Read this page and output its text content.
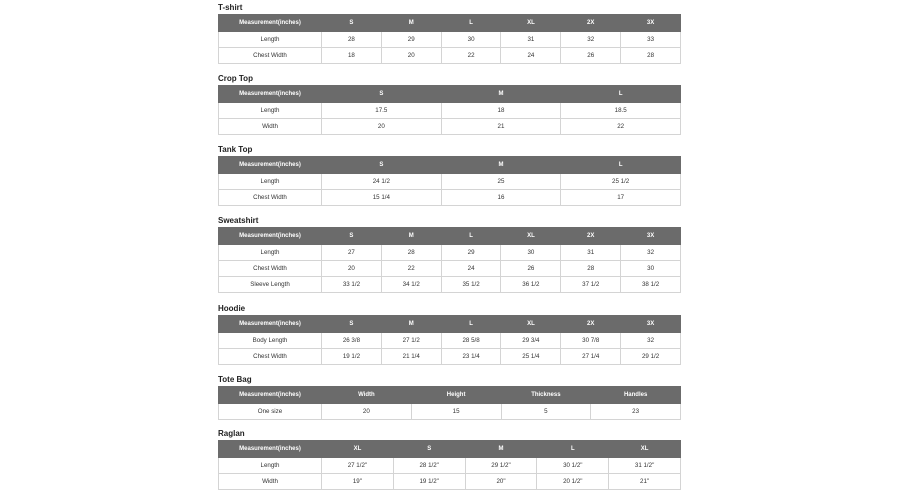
T-shirt
Measurement(inches)	S	M	L	XL	2X	3X
Length	28	29	30	31	32	33
Chest Width	18	20	22	24	26	28
Crop Top
Measurement(inches)	S	M	L
Length	17.5	18	18.5
Width	20	21	22
Tank Top
Measurement(inches)	S	M	L
Length	24 1/2	25	25 1/2
Chest Width	15 1/4	16	17
Sweatshirt
Measurement(inches)	S	M	L	XL	2X	3X
Length	27	28	29	30	31	32
Chest Width	20	22	24	26	28	30
Sleeve Length	33 1/2	34 1/2	35 1/2	36 1/2	37 1/2	38 1/2
Hoodie
Measurement(inches)	S	M	L	XL	2X	3X
Body Length	26 3/8	27 1/2	28 5/8	29 3/4	30 7/8	32
Chest Width	19 1/2	21 1/4	23 1/4	25 1/4	27 1/4	29 1/2
Tote Bag
Measurement(inches)	Width	Height	Thickness	Handles
One size	20	15	5	23
Raglan
Measurement(inches)	XL	S	M	L	XL
Length	27 1/2"	28 1/2"	29 1/2"	30 1/2"	31 1/2"
Width	19"	19 1/2"	20"	20 1/2"	21"
